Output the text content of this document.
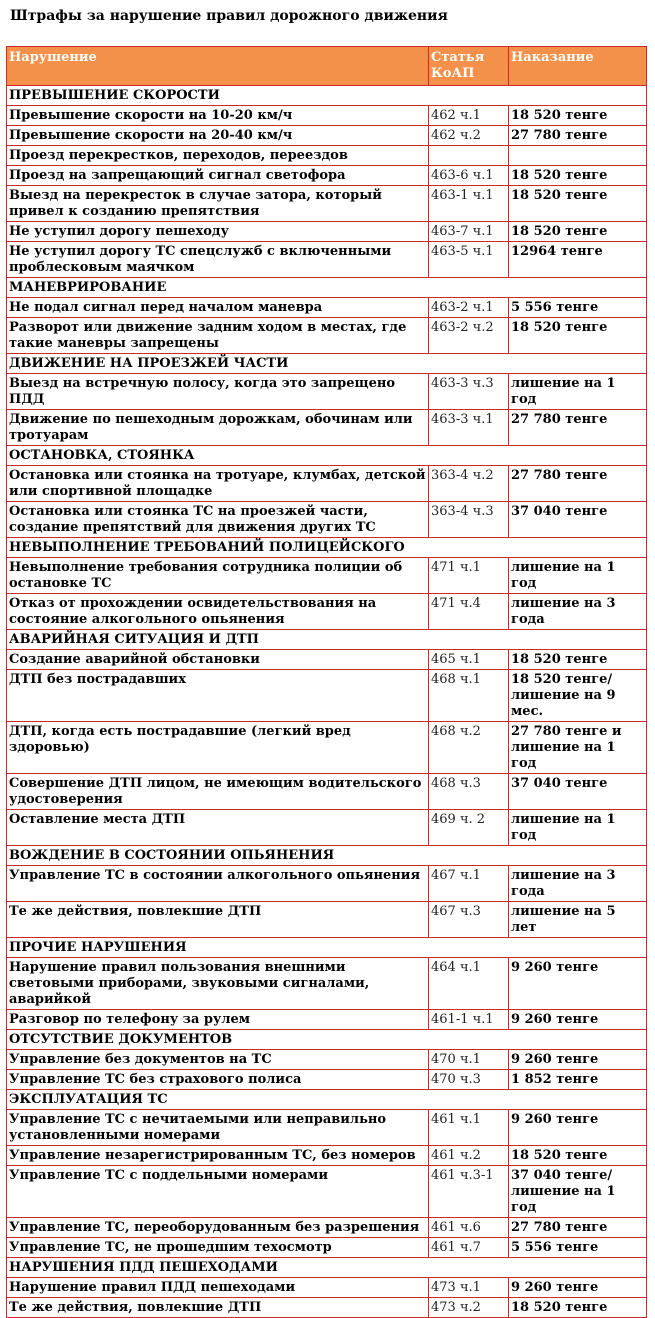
Штрафы за нарушение правил дорожного движения
Нарушение	Статья КоАП	Наказание
ПРЕВЫШЕНИЕ СКОРОСТИ		
Превышение скорости на 10-20 км/ч	462 ч.1	18 520 тенге
Превышение скорости на 20-40 км/ч	462 ч.2	27 780 тенге
Проезд перекрестков, переходов, переездов		
Проезд на запрещающий сигнал светофора	463-6 ч.1	18 520 тенге
Выезд на перекресток в случае затора, который привел к созданию препятствия	463-1 ч.1	18 520 тенге
Не уступил дорогу пешеходу	463-7 ч.1	18 520 тенге
Не уступил дорогу ТС спецслужб с включенными проблесковым маячком	463-5 ч.1	12964 тенге
МАНЕВРИРОВАНИЕ		
Не подал сигнал перед началом маневра	463-2 ч.1	5 556 тенге
Разворот или движение задним ходом в местах, где такие маневры запрещены	463-2 ч.2	18 520 тенге
ДВИЖЕНИЕ НА ПРОЕЗЖЕЙ ЧАСТИ		
Выезд на встречную полосу, когда это запрещено ПДД	463-3 ч.3	лишение на 1 год
Движение по пешеходным дорожкам, обочинам или тротуарам	463-3 ч.1	27 780 тенге
ОСТАНОВКА, СТОЯНКА		
Остановка или стоянка на тротуаре, клумбах, детской или спортивной площадке	363-4 ч.2	27 780 тенге
Остановка или стоянка ТС на проезжей части, создание препятствий для движения других ТС	363-4 ч.3	37 040 тенге
НЕВЫПОЛНЕНИЕ ТРЕБОВАНИЙ ПОЛИЦЕЙСКОГО		
Невыполнение требования сотрудника полиции об остановке ТС	471 ч.1	лишение на 1 год
Отказ от прохождении освидетельствования на состояние алкогольного опьянения	471 ч.4	лишение на 3 года
АВАРИЙНАЯ СИТУАЦИЯ И ДТП		
Создание аварийной обстановки	465 ч.1	18 520 тенге
ДТП без пострадавших	468 ч.1	18 520 тенге/ лишение на 9 мес.
ДТП, когда есть пострадавшие (легкий вред здоровью)	468 ч.2	27 780 тенге и лишение на 1 год
Совершение ДТП лицом, не имеющим водительского удостоверения	468 ч.3	37 040 тенге
Оставление места ДТП	469 ч. 2	лишение на 1 год
ВОЖДЕНИЕ В СОСТОЯНИИ ОПЬЯНЕНИЯ		
Управление ТС в состоянии алкогольного опьянения	467 ч.1	лишение на 3 года
Те же действия, повлекшие ДТП	467 ч.3	лишение на 5 лет
ПРОЧИЕ НАРУШЕНИЯ		
Нарушение правил пользования внешними световыми приборами, звуковыми сигналами, аварийкой	464 ч.1	9 260 тенге
Разговор по телефону за рулем	461-1 ч.1	9 260 тенге
ОТСУТСТВИЕ ДОКУМЕНТОВ		
Управление без документов на ТС	470 ч.1	9 260 тенге
Управление ТС без страхового полиса	470 ч.3	1 852 тенге
ЭКСПЛУАТАЦИЯ ТС		
Управление ТС с нечитаемыми или неправильно установленными номерами	461 ч.1	9 260 тенге
Управление незарегистрированным ТС, без номеров	461 ч.2	18 520 тенге
Управление ТС с поддельными номерами	461 ч.3-1	37 040 тенге/ лишение на 1 год
Управление ТС, переоборудованным без разрешения	461 ч.6	27 780 тенге
Управление ТС, не прошедшим техосмотр	461 ч.7	5 556 тенге
НАРУШЕНИЯ ПДД ПЕШЕХОДАМИ		
Нарушение правил ПДД пешеходами	473 ч.1	9 260 тенге
Те же действия, повлекшие ДТП	473 ч.2	18 520 тенге
